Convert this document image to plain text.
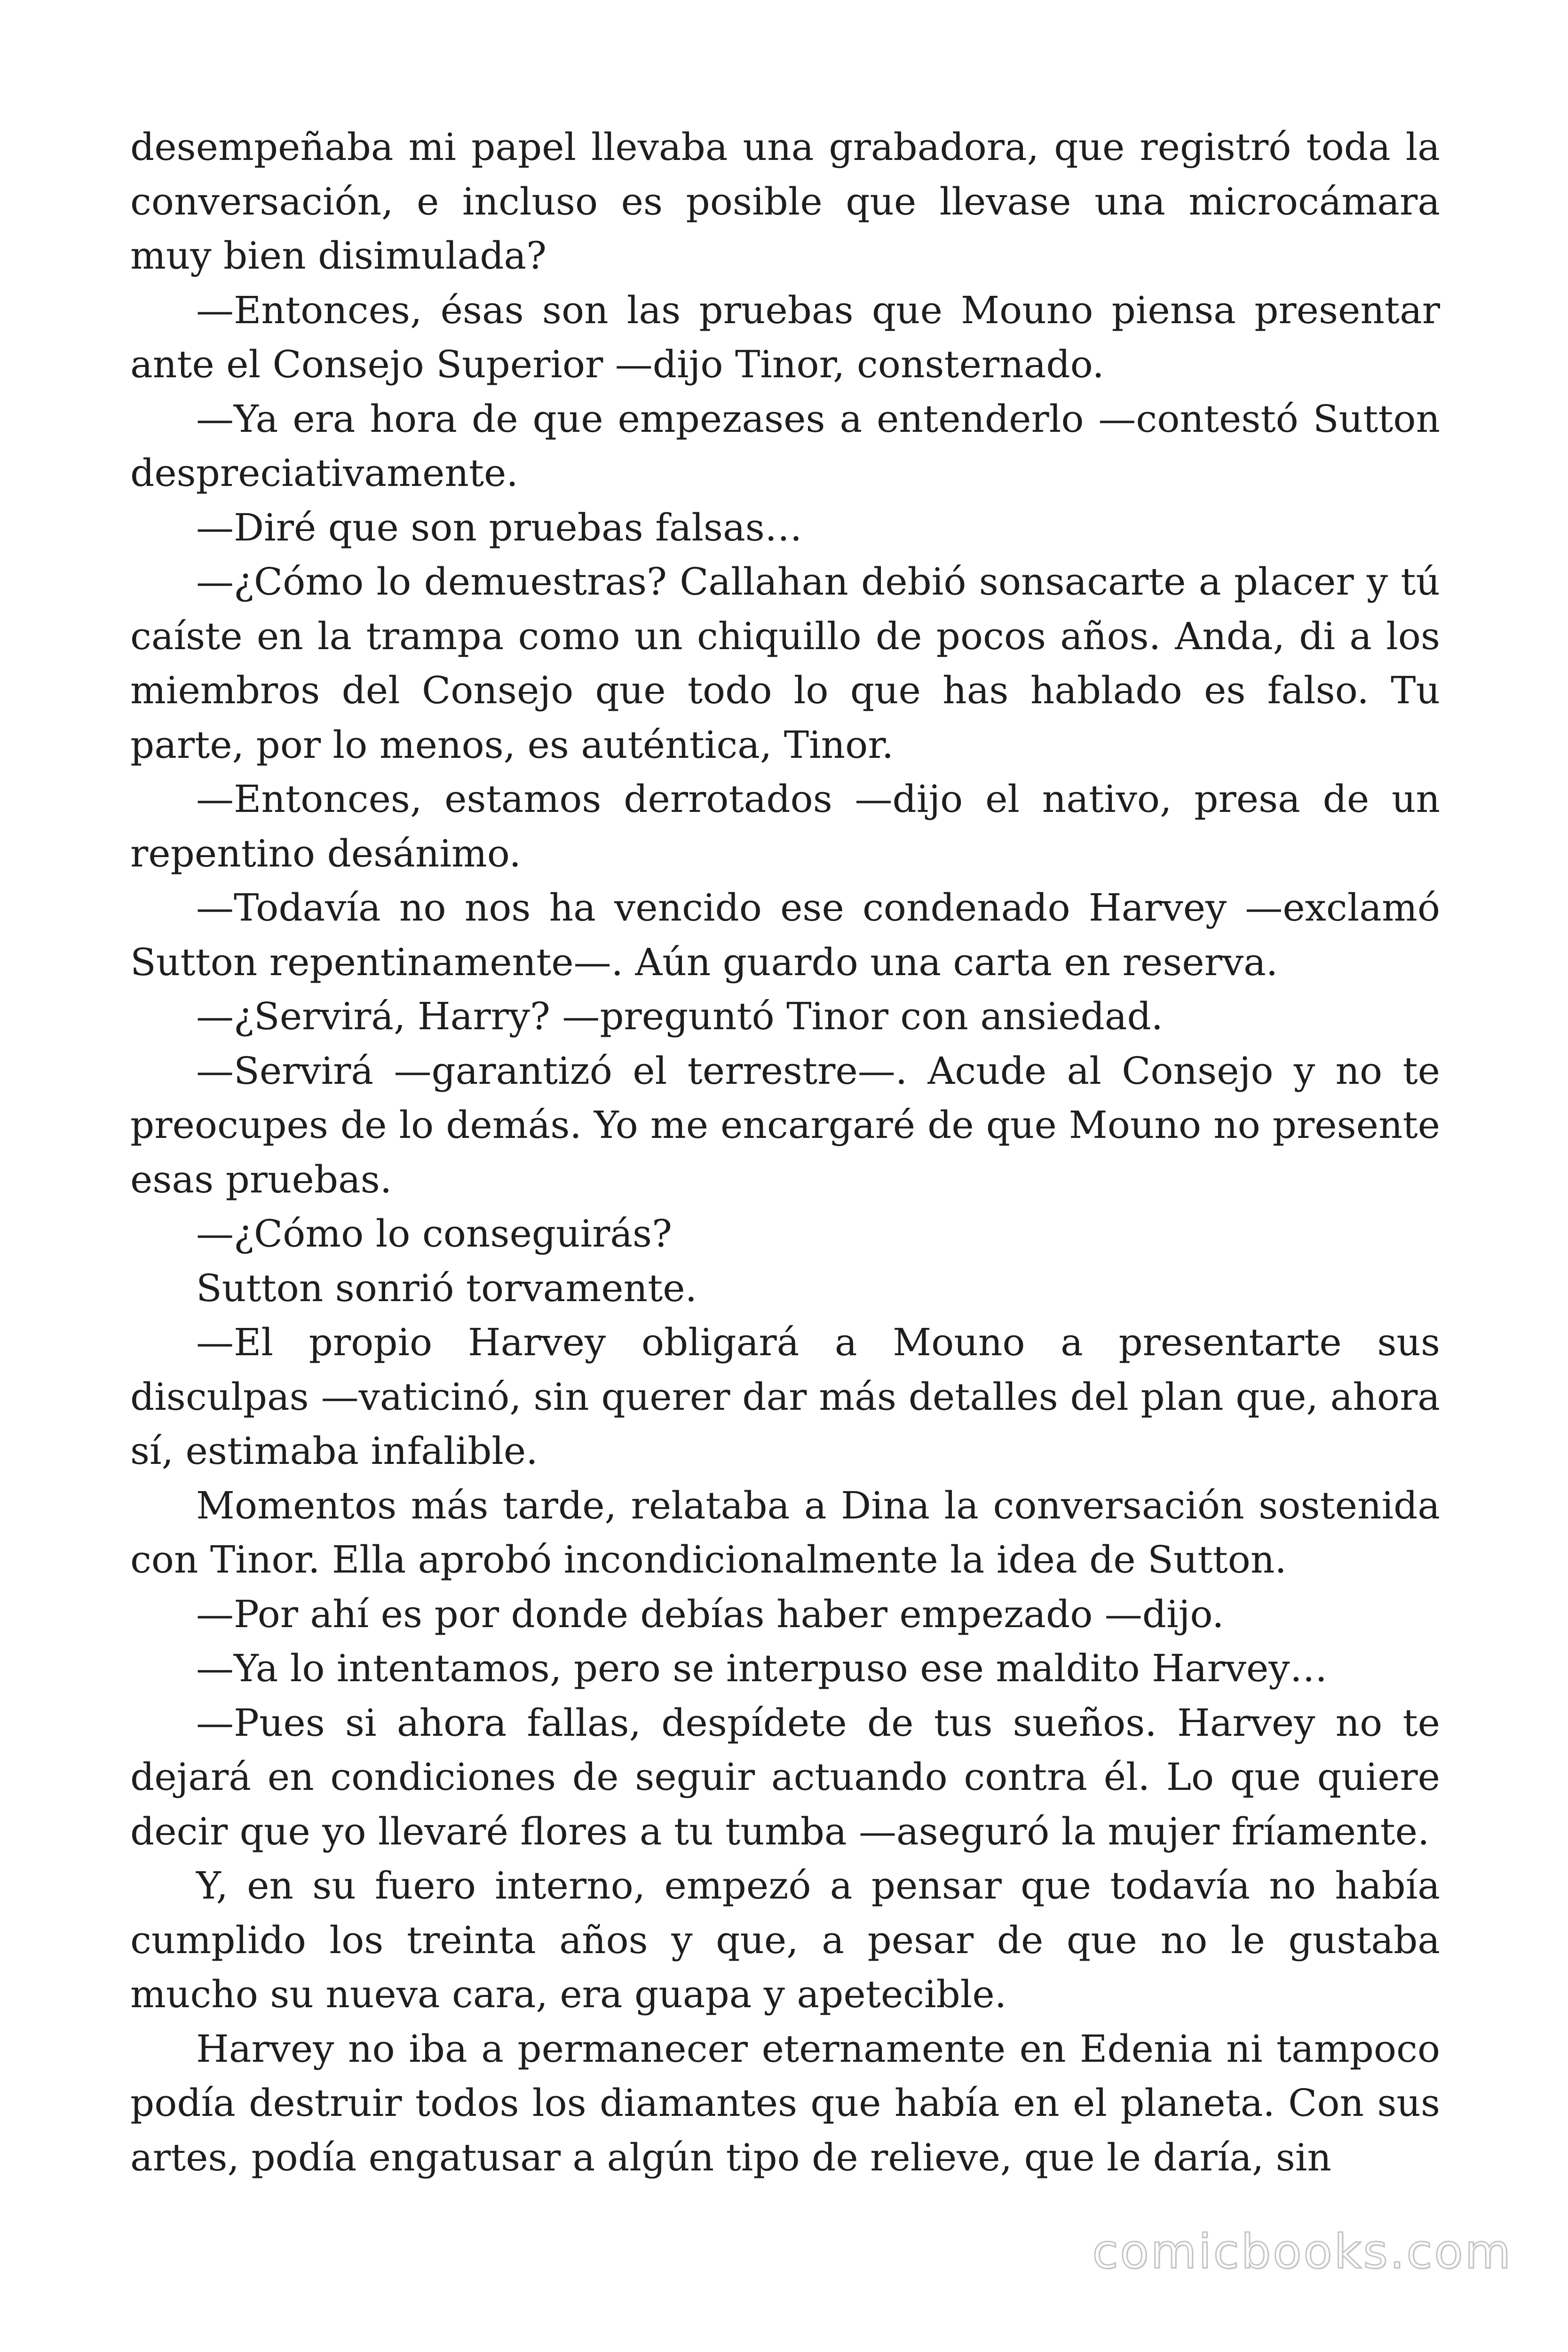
desempeñaba mi papel llevaba una grabadora, que registró toda la conversación, e incluso es posible que llevase una microcámara muy bien disimulada?

—Entonces, ésas son las pruebas que Mouno piensa presentar ante el Consejo Superior —dijo Tinor, consternado.

—Ya era hora de que empezases a entenderlo —contestó Sutton despreciativamente.

—Diré que son pruebas falsas…

—¿Cómo lo demuestras? Callahan debió sonsacarte a placer y tú caíste en la trampa como un chiquillo de pocos años. Anda, di a los miembros del Consejo que todo lo que has hablado es falso. Tu parte, por lo menos, es auténtica, Tinor.

—Entonces, estamos derrotados —dijo el nativo, presa de un repentino desánimo.

—Todavía no nos ha vencido ese condenado Harvey —exclamó Sutton repentinamente—. Aún guardo una carta en reserva.

—¿Servirá, Harry? —preguntó Tinor con ansiedad.

—Servirá —garantizó el terrestre—. Acude al Consejo y no te preocupes de lo demás. Yo me encargaré de que Mouno no presente esas pruebas.

—¿Cómo lo conseguirás?

Sutton sonrió torvamente.

—El propio Harvey obligará a Mouno a presentarte sus disculpas —vaticinó, sin querer dar más detalles del plan que, ahora sí, estimaba infalible.

Momentos más tarde, relataba a Dina la conversación sostenida con Tinor. Ella aprobó incondicionalmente la idea de Sutton.

—Por ahí es por donde debías haber empezado —dijo.

—Ya lo intentamos, pero se interpuso ese maldito Harvey…

—Pues si ahora fallas, despídete de tus sueños. Harvey no te dejará en condiciones de seguir actuando contra él. Lo que quiere decir que yo llevaré flores a tu tumba —aseguró la mujer fríamente.

Y, en su fuero interno, empezó a pensar que todavía no había cumplido los treinta años y que, a pesar de que no le gustaba mucho su nueva cara, era guapa y apetecible.

Harvey no iba a permanecer eternamente en Edenia ni tampoco podía destruir todos los diamantes que había en el planeta. Con sus artes, podía engatusar a algún tipo de relieve, que le daría, sin

comicbooks.com
